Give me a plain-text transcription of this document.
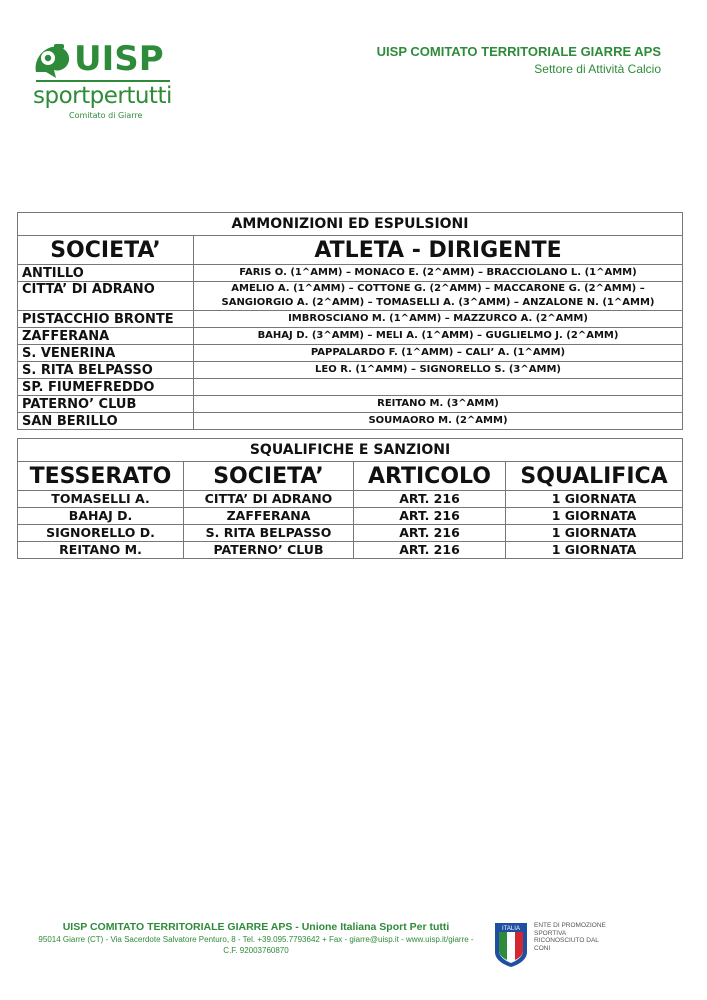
UISP
sportpertutti
Comitato di Giarre
UISP COMITATO TERRITORIALE GIARRE APS
Settore di Attività Calcio
AMMONIZIONI ED ESPULSIONI	
SOCIETA’	ATLETA - DIRIGENTE
ANTILLO	FARIS O. (1^AMM) – MONACO E. (2^AMM) – BRACCIOLANO L. (1^AMM)
CITTA’ DI ADRANO	AMELIO A. (1^AMM) – COTTONE G. (2^AMM) – MACCARONE G. (2^AMM) – SANGIORGIO A. (2^AMM) – TOMASELLI A. (3^AMM) – ANZALONE N. (1^AMM)
PISTACCHIO BRONTE	IMBROSCIANO M. (1^AMM) – MAZZURCO A. (2^AMM)
ZAFFERANA	BAHAJ D. (3^AMM) – MELI A. (1^AMM) – GUGLIELMO J. (2^AMM)
S. VENERINA	PAPPALARDO F. (1^AMM) – CALI’ A. (1^AMM)
S. RITA BELPASSO	LEO R. (1^AMM) – SIGNORELLO S. (3^AMM)
SP. FIUMEFREDDO	
PATERNO’ CLUB	REITANO M. (3^AMM)
SAN BERILLO	SOUMAORO M. (2^AMM)
SQUALIFICHE E SANZIONI			
TESSERATO	SOCIETA’	ARTICOLO	SQUALIFICA
TOMASELLI A.	CITTA’ DI ADRANO	ART. 216	1 GIORNATA
BAHAJ D.	ZAFFERANA	ART. 216	1 GIORNATA
SIGNORELLO D.	S. RITA BELPASSO	ART. 216	1 GIORNATA
REITANO M.	PATERNO’ CLUB	ART. 216	1 GIORNATA
UISP COMITATO TERRITORIALE GIARRE APS - Unione Italiana Sport Per tutti
95014 Giarre (CT) - Via Sacerdote Salvatore Penturo, 8 - Tel. +39.095.7793642 + Fax - giarre@uisp.it - www.uisp.it/giarre - C.F. 92003760870
ITALIA ENTE DI PROMOZIONE SPORTIVA RICONOSCIUTO DAL CONI
